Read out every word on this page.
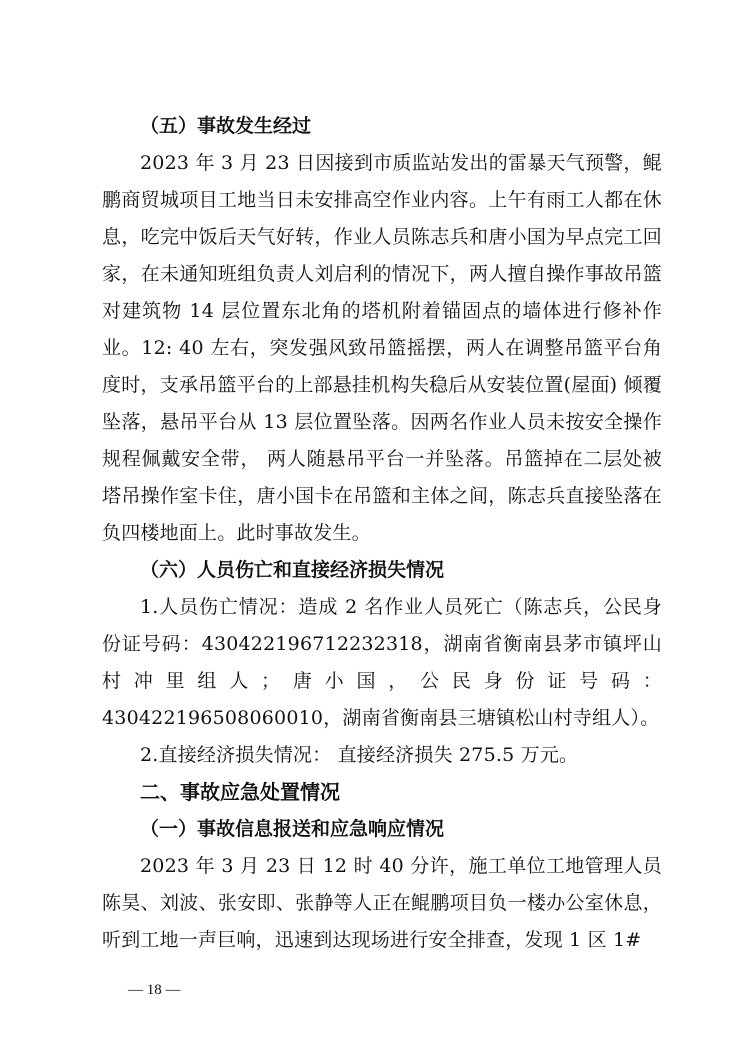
（五）事故发生经过

2023 年 3 月 23 日因接到市质监站发出的雷暴天气预警，鲲鹏商贸城项目工地当日未安排高空作业内容。上午有雨工人都在休息，吃完中饭后天气好转，作业人员陈志兵和唐小国为早点完工回家，在未通知班组负责人刘启利的情况下，两人擅自操作事故吊篮对建筑物 14 层位置东北角的塔机附着锚固点的墙体进行修补作业。12: 40 左右，突发强风致吊篮摇摆，两人在调整吊篮平台角度时，支承吊篮平台的上部悬挂机构失稳后从安装位置(屋面) 倾覆坠落，悬吊平台从 13 层位置坠落。因两名作业人员未按安全操作规程佩戴安全带， 两人随悬吊平台一并坠落。吊篮掉在二层处被塔吊操作室卡住，唐小国卡在吊篮和主体之间，陈志兵直接坠落在负四楼地面上。此时事故发生。

（六）人员伤亡和直接经济损失情况

1.人员伤亡情况：造成 2 名作业人员死亡（陈志兵，公民身份证号码：430422196712232318，湖南省衡南县茅市镇坪山村冲里组人；唐小国，公民身份证号码：430422196508060010，湖南省衡南县三塘镇松山村寺组人）。

2.直接经济损失情况： 直接经济损失 275.5 万元。

二、事故应急处置情况

（一）事故信息报送和应急响应情况

2023 年 3 月 23 日 12 时 40 分许，施工单位工地管理人员陈昊、刘波、张安即、张静等人正在鲲鹏项目负一楼办公室休息，听到工地一声巨响，迅速到达现场进行安全排查，发现 1 区 1#

— 18 —
